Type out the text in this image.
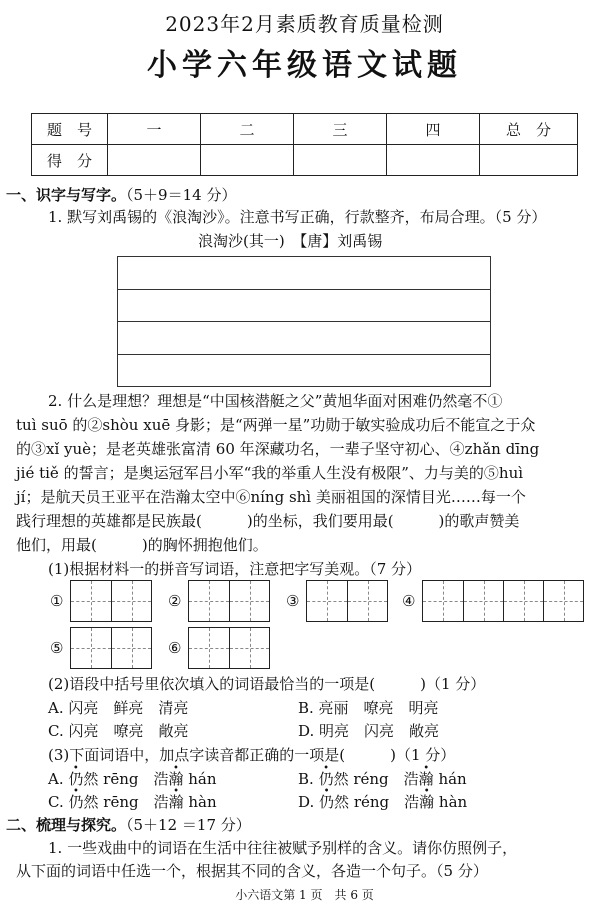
2023年2月素质教育质量检测
小学六年级语文试题
题　号	一	二	三	四	总　分
得　分					
一、识字与写字。（5＋9＝14 分）
1. 默写刘禹锡的《浪淘沙》。注意书写正确，行款整齐，布局合理。（5 分）
浪淘沙(其一)　【唐】刘禹锡
2. 什么是理想？理想是“中国核潜艇之父”黄旭华面对困难仍然毫不①
tuì suō 的②shòu xuē 身影；是“两弹一星”功勋于敏实验成功后不能宣之于众
的③xǐ yuè；是老英雄张富清 60 年深藏功名，一辈子坚守初心、④zhǎn dīng
jié tiě 的誓言；是奥运冠军吕小军“我的举重人生没有极限”、力与美的⑤huì
jí；是航天员王亚平在浩瀚太空中⑥níng shì 美丽祖国的深情目光……每一个
践行理想的英雄都是民族最(　　　)的坐标，我们要用最(　　　)的歌声赞美
他们，用最(　　　)的胸怀拥抱他们。
(1)根据材料一的拼音写词语，注意把字写美观。（7 分）
①	②	③	④
⑤	⑥
(2)语段中括号里依次填入的词语最恰当的一项是(　　　)（1 分）
A. 闪亮　鲜亮　清亮	B. 亮丽　嘹亮　明亮
C. 闪亮　嘹亮　敞亮	D. 明亮　闪亮　敞亮
(3)下面词语中，加点字读音都正确的一项是(　　　)（1 分）
A. 仍然 rēng　浩瀚 hán	B. 仍然 réng　浩瀚 hán
C. 仍然 rēng　浩瀚 hàn	D. 仍然 réng　浩瀚 hàn
二、梳理与探究。（5＋12 ＝17 分）
1. 一些戏曲中的词语在生活中往往被赋予别样的含义。请你仿照例子，
从下面的词语中任选一个，根据其不同的含义，各造一个句子。（5 分）
小六语文第 1 页　共 6 页
